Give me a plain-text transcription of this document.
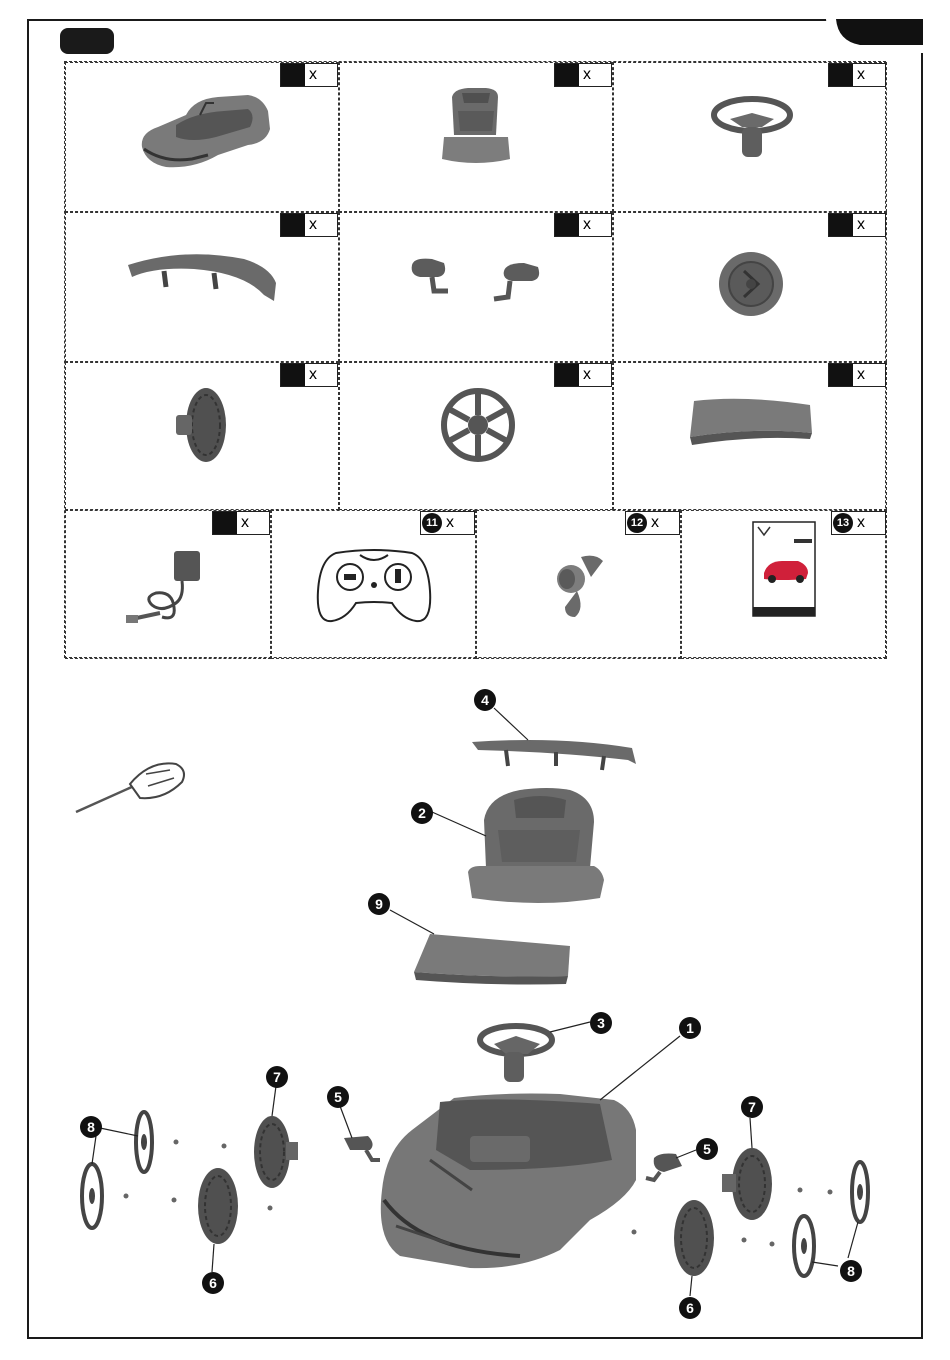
x	x	x
x	x	x
x	x	x
x	11 x	12 x	13 x
4
2
9
3	1
7
7
8
8
5
5
6
6
